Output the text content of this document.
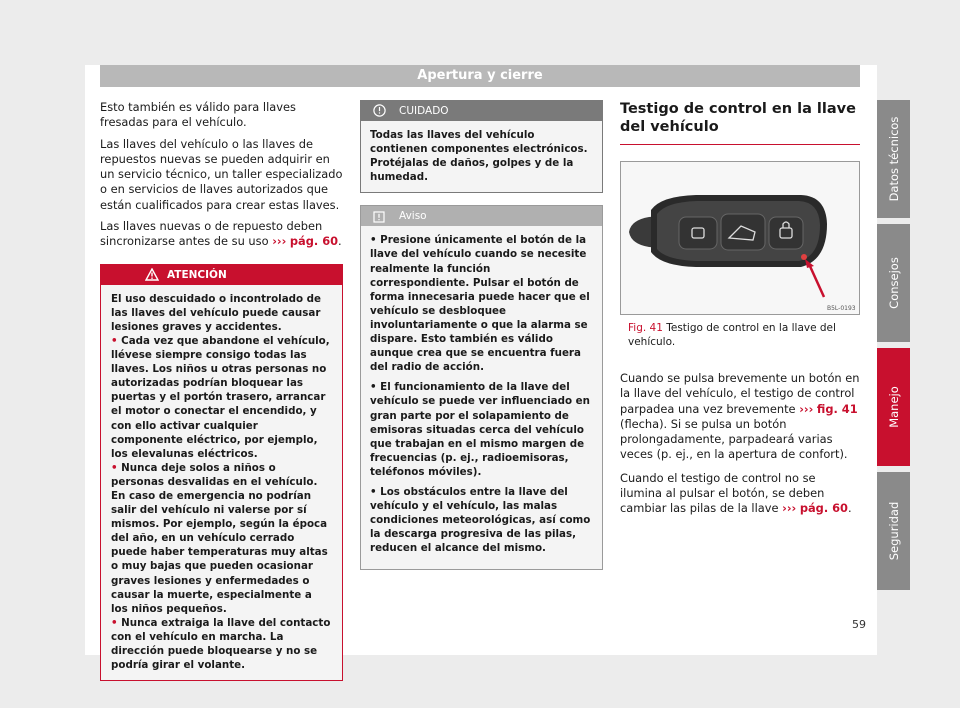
Apertura y cierre

Esto también es válido para llaves fresadas para el vehículo.

Las llaves del vehículo o las llaves de repuestos nuevas se pueden adquirir en un servicio técnico, un taller especializado o en servicios de llaves autorizados que están cualificados para crear estas llaves.

Las llaves nuevas o de repuesto deben sincronizarse antes de su uso ››› pág. 60.

ATENCIÓN

El uso descuidado o incontrolado de las llaves del vehículo puede causar lesiones graves y accidentes.

• Cada vez que abandone el vehículo, llévese siempre consigo todas las llaves. Los niños u otras personas no autorizadas podrían bloquear las puertas y el portón trasero, arrancar el motor o conectar el encendido, y con ello activar cualquier componente eléctrico, por ejemplo, los elevalunas eléctricos.

• Nunca deje solos a niños o personas desvalidas en el vehículo. En caso de emergencia no podrían salir del vehículo ni valerse por sí mismos. Por ejemplo, según la época del año, en un vehículo cerrado puede haber temperaturas muy altas o muy bajas que pueden ocasionar graves lesiones y enfermedades o causar la muerte, especialmente a los niños pequeños.

• Nunca extraiga la llave del contacto con el vehículo en marcha. La dirección puede bloquearse y no se podría girar el volante.

CUIDADO
Todas las llaves del vehículo contienen componentes electrónicos. Protéjalas de daños, golpes y de la humedad.
Aviso

• Presione únicamente el botón de la llave del vehículo cuando se necesite realmente la función correspondiente. Pulsar el botón de forma innecesaria puede hacer que el vehículo se desbloquee involuntariamente o que la alarma se dispare. Esto también es válido aunque crea que se encuentra fuera del radio de acción.

• El funcionamiento de la llave del vehículo se puede ver influenciado en gran parte por el solapamiento de emisoras situadas cerca del vehículo que trabajan en el mismo margen de frecuencias (p. ej., radioemisoras, teléfonos móviles).

• Los obstáculos entre la llave del vehículo y el vehículo, las malas condiciones meteorológicas, así como la descarga progresiva de las pilas, reducen el alcance del mismo.

Testigo de control en la llave del vehículo
B5L-0193
Fig. 41 Testigo de control en la llave del vehículo.

Cuando se pulsa brevemente un botón en la llave del vehículo, el testigo de control parpadea una vez brevemente ››› fig. 41 (flecha). Si se pulsa un botón prolongadamente, parpadeará varias veces (p. ej., en la apertura de confort).

Cuando el testigo de control no se ilumina al pulsar el botón, se deben cambiar las pilas de la llave ››› pág. 60.

Datos técnicos
Consejos
Manejo
Seguridad
59
